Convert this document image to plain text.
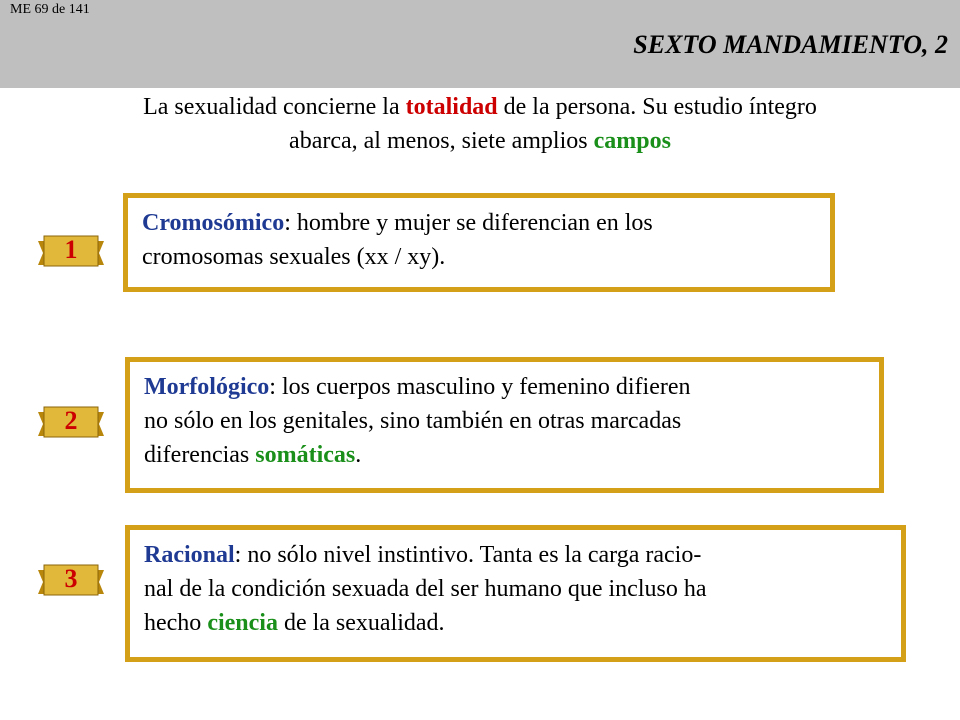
ME 69 de 141
SEXTO MANDAMIENTO, 2
La sexualidad concierne la totalidad de la persona. Su estudio íntegro
abarca, al menos, siete amplios campos
1
Cromosómico: hombre y mujer se diferencian en los
cromosomas sexuales (xx / xy).
2
Morfológico: los cuerpos masculino y femenino difieren
no sólo en los genitales, sino también en otras marcadas
diferencias somáticas.
3
Racional: no sólo nivel instintivo. Tanta es la carga racio-
nal de la condición sexuada del ser humano que incluso ha
hecho ciencia de la sexualidad.
